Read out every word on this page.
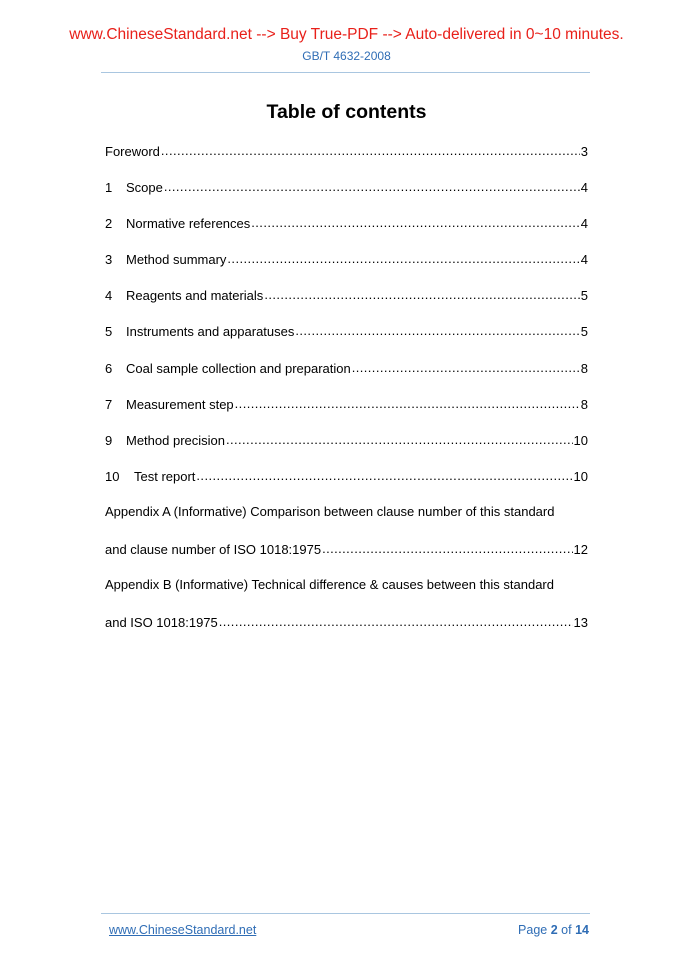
www.ChineseStandard.net --> Buy True-PDF --> Auto-delivered in 0~10 minutes.
GB/T 4632-2008
Table of contents
Foreword .....	3
1	Scope .....	4
2	Normative references .....	4
3	Method summary .....	4
4	Reagents and materials .....	5
5	Instruments and apparatuses .....	5
6	Coal sample collection and preparation .....	8
7	Measurement step .....	8
9	Method precision .....	10
10	Test report .....	10
Appendix A (Informative) Comparison between clause number of this standard
and clause number of ISO 1018:1975 .....	12
Appendix B (Informative) Technical difference & causes between this standard
and ISO 1018:1975 .....	13
www.ChineseStandard.net	Page 2 of 14
